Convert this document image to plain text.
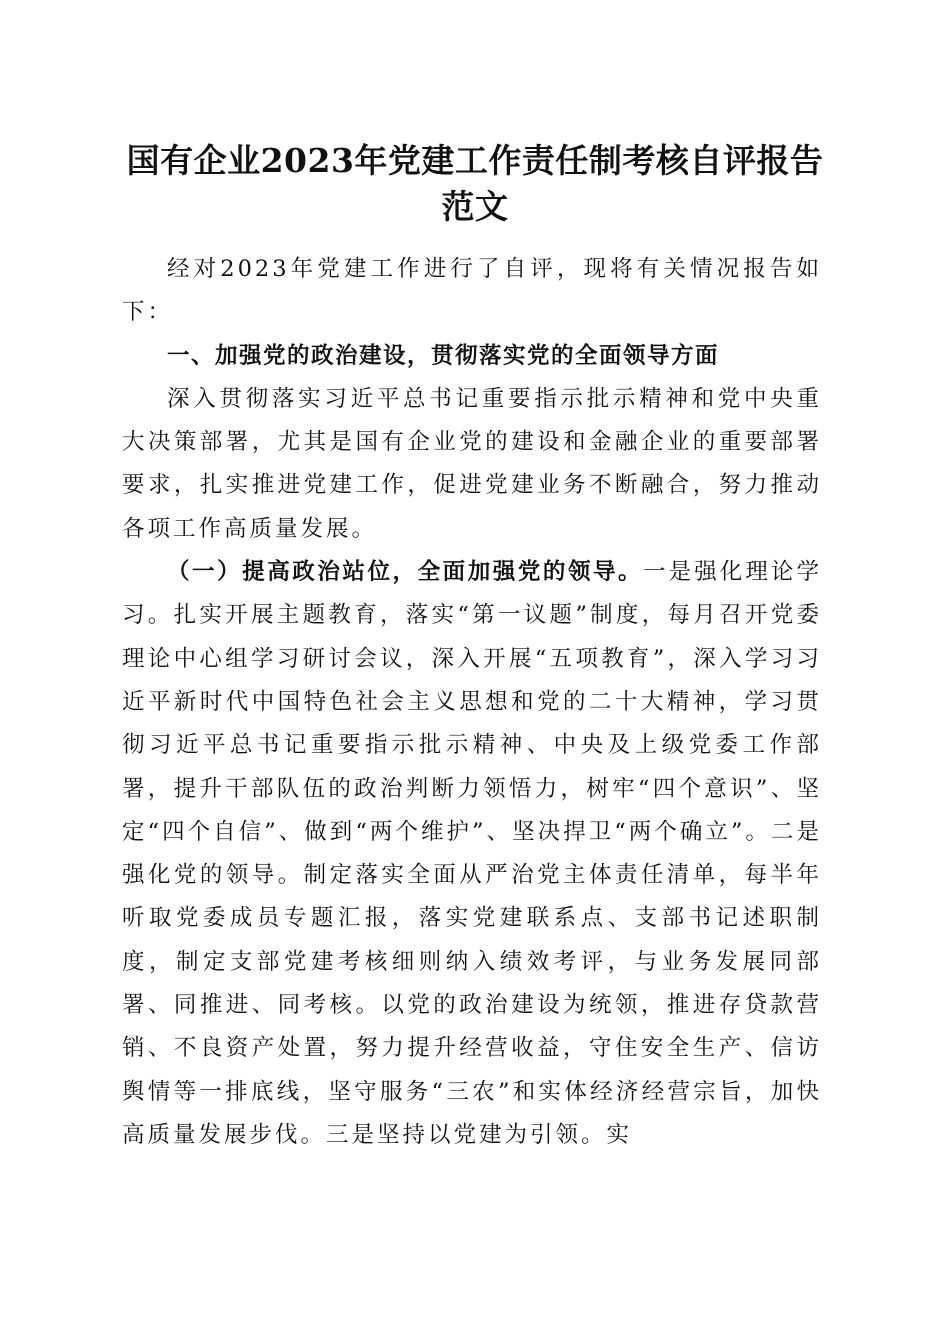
国有企业2023年党建工作责任制考核自评报告范文

经对2023年党建工作进行了自评，现将有关情况报告如下：

一、加强党的政治建设，贯彻落实党的全面领导方面

深入贯彻落实习近平总书记重要指示批示精神和党中央重大决策部署，尤其是国有企业党的建设和金融企业的重要部署要求，扎实推进党建工作，促进党建业务不断融合，努力推动各项工作高质量发展。

（一）提高政治站位，全面加强党的领导。一是强化理论学习。扎实开展主题教育，落实“第一议题”制度，每月召开党委理论中心组学习研讨会议，深入开展“五项教育”，深入学习习近平新时代中国特色社会主义思想和党的二十大精神，学习贯彻习近平总书记重要指示批示精神、中央及上级党委工作部署，提升干部队伍的政治判断力领悟力，树牢“四个意识”、坚定“四个自信”、做到“两个维护”、坚决捍卫“两个确立”。二是强化党的领导。制定落实全面从严治党主体责任清单，每半年听取党委成员专题汇报，落实党建联系点、支部书记述职制度，制定支部党建考核细则纳入绩效考评，与业务发展同部署、同推进、同考核。以党的政治建设为统领，推进存贷款营销、不良资产处置，努力提升经营收益，守住安全生产、信访舆情等一排底线，坚守服务“三农”和实体经济经营宗旨，加快高质量发展步伐。三是坚持以党建为引领。实
